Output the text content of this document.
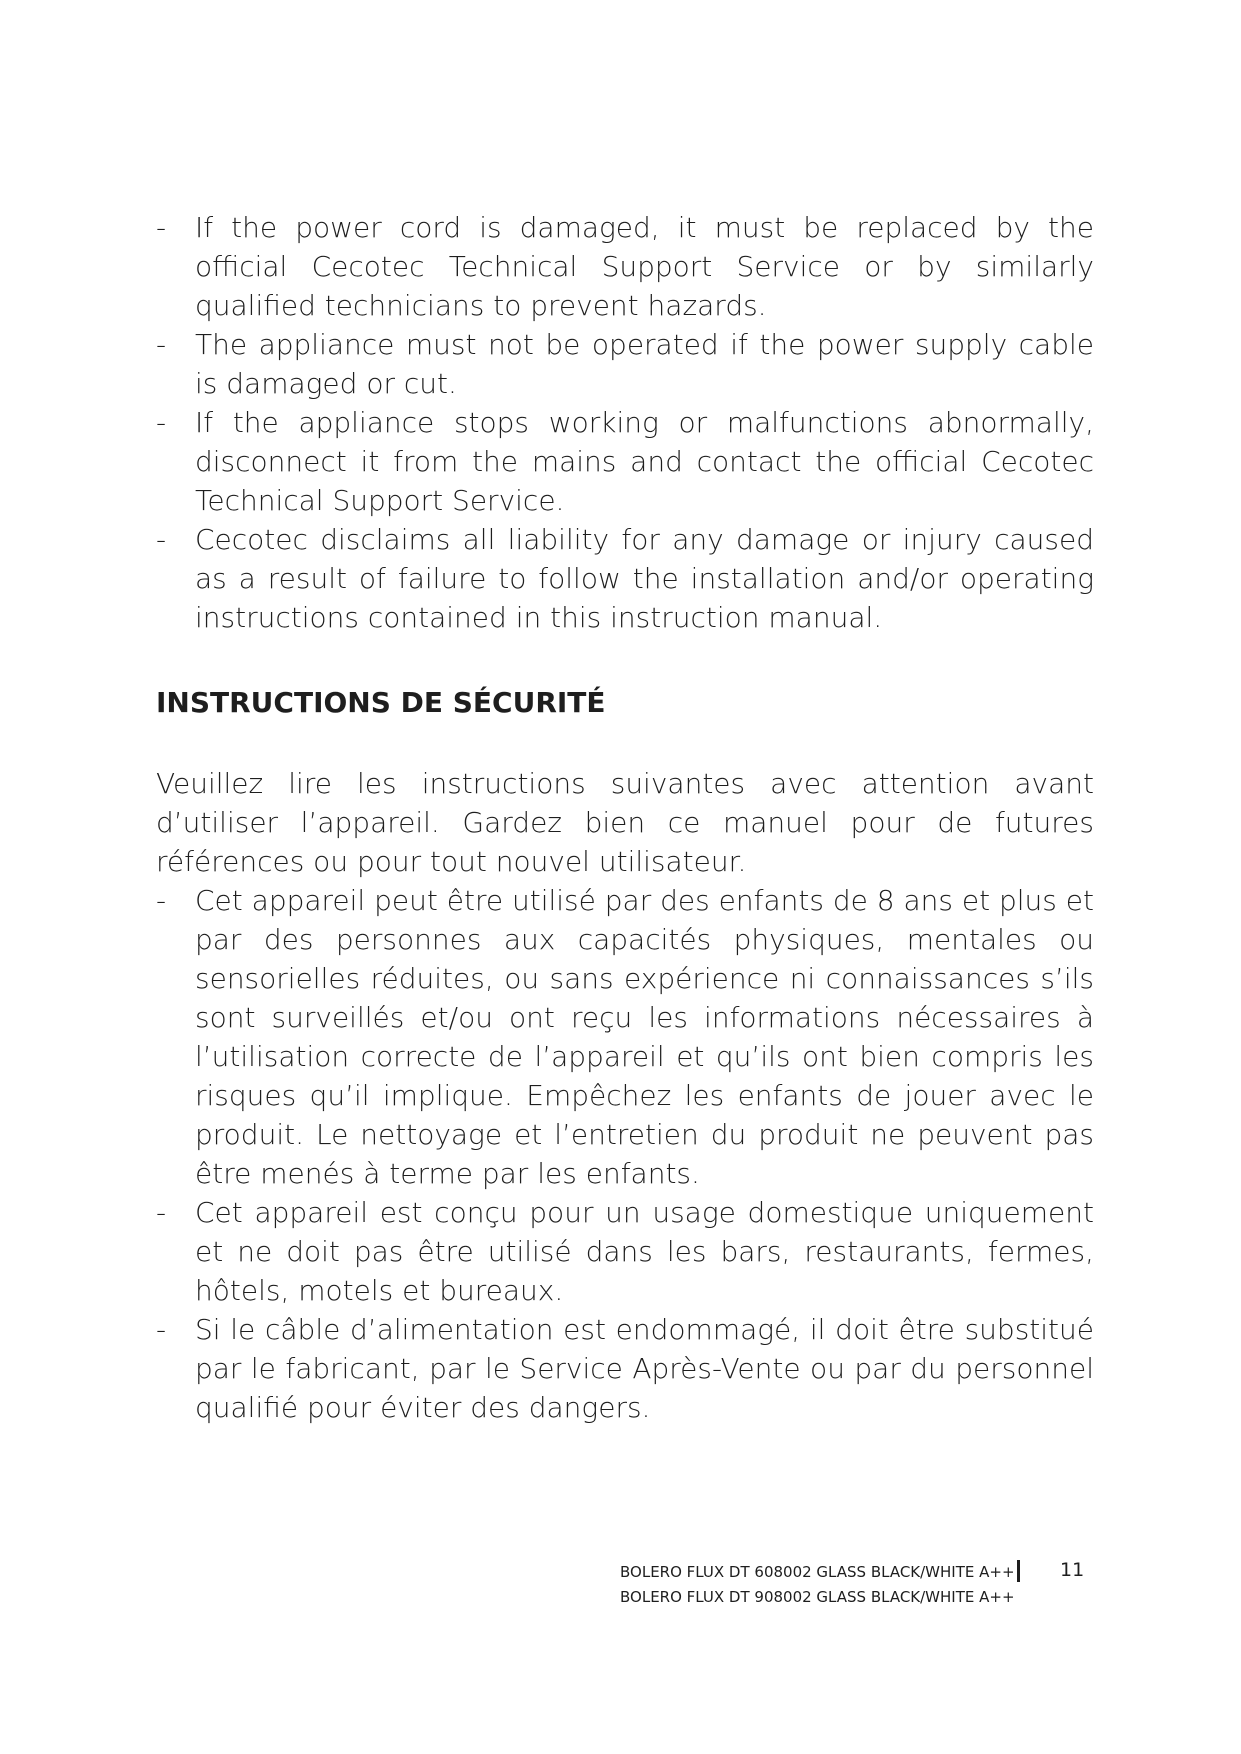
- If the power cord is damaged, it must be replaced by the official Cecotec Technical Support Service or by similarly qualified technicians to prevent hazards.
- The appliance must not be operated if the power supply cable is damaged or cut.
- If the appliance stops working or malfunctions abnormally, disconnect it from the mains and contact the official Cecotec Technical Support Service.
- Cecotec disclaims all liability for any damage or injury caused as a result of failure to follow the installation and/or operating instructions contained in this instruction manual.
INSTRUCTIONS DE SÉCURITÉ

Veuillez lire les instructions suivantes avec attention avant d’utiliser l’appareil. Gardez bien ce manuel pour de futures références ou pour tout nouvel utilisateur.

- Cet appareil peut être utilisé par des enfants de 8 ans et plus et par des personnes aux capacités physiques, mentales ou sensorielles réduites, ou sans expérience ni connaissances s’ils sont surveillés et/ou ont reçu les informations nécessaires à l’utilisation correcte de l’appareil et qu’ils ont bien compris les risques qu’il implique. Empêchez les enfants de jouer avec le produit. Le nettoyage et l’entretien du produit ne peuvent pas être menés à terme par les enfants.
- Cet appareil est conçu pour un usage domestique uniquement et ne doit pas être utilisé dans les bars, restaurants, fermes, hôtels, motels et bureaux.
- Si le câble d’alimentation est endommagé, il doit être substitué par le fabricant, par le Service Après-Vente ou par du personnel qualifié pour éviter des dangers.
BOLERO FLUX DT 608002 GLASS BLACK/WHITE A++
BOLERO FLUX DT 908002 GLASS BLACK/WHITE A++
11
